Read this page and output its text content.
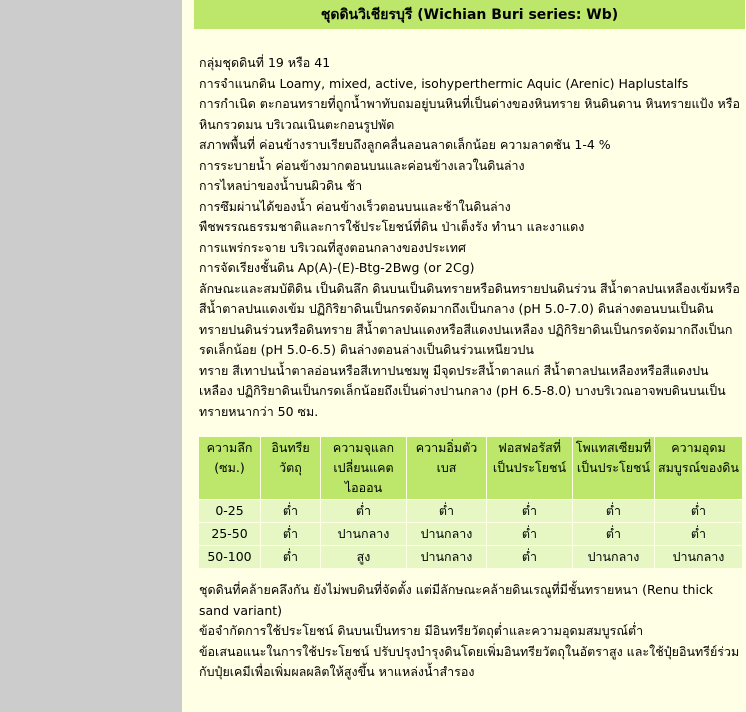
ชุดดินวิเชียรบุรี (Wichian Buri series: Wb)

กลุ่มชุดดินที่ 19 หรือ 41

การจำแนกดิน Loamy, mixed, active, isohyperthermic Aquic (Arenic) Haplustalfs

การกำเนิด ตะกอนทรายที่ถูกน้ำพาทับถมอยู่บนหินที่เป็นด่างของหินทราย หินดินดาน หินทรายแป้ง หรือหินกรวดมน บริเวณเนินตะกอนรูปพัด

สภาพพื้นที่ ค่อนข้างราบเรียบถึงลูกคลื่นลอนลาดเล็กน้อย ความลาดชัน 1-4 %

การระบายน้ำ ค่อนข้างมากตอนบนและค่อนข้างเลวในดินล่าง

การไหลบ่าของน้ำบนผิวดิน ช้า

การซึมผ่านได้ของน้ำ ค่อนข้างเร็วตอนบนและช้าในดินล่าง

พืชพรรณธรรมชาติและการใช้ประโยชน์ที่ดิน ป่าเต็งรัง ทำนา และงาแดง

การแพร่กระจาย บริเวณที่สูงตอนกลางของประเทศ

การจัดเรียงชั้นดิน Ap(A)-(E)-Btg-2Bwg (or 2Cg)

ลักษณะและสมบัติดิน เป็นดินลึก ดินบนเป็นดินทรายหรือดินทรายปนดินร่วน สีน้ำตาลปนเหลืองเข้มหรือสีน้ำตาลปนแดงเข้ม ปฏิกิริยาดินเป็นกรดจัดมากถึงเป็นกลาง (pH 5.0-7.0) ดินล่างตอนบนเป็นดินทรายปนดินร่วนหรือดินทราย สีน้ำตาลปนแดงหรือสีแดงปนเหลือง ปฏิกิริยาดินเป็นกรดจัดมากถึงเป็นกรดเล็กน้อย (pH 5.0-6.5) ดินล่างตอนล่างเป็นดินร่วนเหนียวปน

ทราย สีเทาปนน้ำตาลอ่อนหรือสีเทาปนชมพู มีจุดประสีน้ำตาลแก่ สีน้ำตาลปนเหลืองหรือสีแดงปนเหลือง ปฏิกิริยาดินเป็นกรดเล็กน้อยถึงเป็นด่างปานกลาง (pH 6.5-8.0) บางบริเวณอาจพบดินบนเป็นทรายหนากว่า 50 ซม.

ความลึก (ซม.)	อินทรียวัตถุ	ความจุแลกเปลี่ยนแคตไอออน	ความอิ่มตัวเบส	ฟอสฟอรัสที่เป็นประโยชน์	โพแทสเซียมที่เป็นประโยชน์	ความอุดมสมบูรณ์ของดิน
0-25	ต่ำ	ต่ำ	ต่ำ	ต่ำ	ต่ำ	ต่ำ
25-50	ต่ำ	ปานกลาง	ปานกลาง	ต่ำ	ต่ำ	ต่ำ
50-100	ต่ำ	สูง	ปานกลาง	ต่ำ	ปานกลาง	ปานกลาง

ชุดดินที่คล้ายคลึงกัน ยังไม่พบดินที่จัดตั้ง แต่มีลักษณะคล้ายดินเรณูที่มีชั้นทรายหนา (Renu thick sand variant)

ข้อจำกัดการใช้ประโยชน์ ดินบนเป็นทราย มีอินทรียวัตถุต่ำและความอุดมสมบูรณ์ต่ำ

ข้อเสนอแนะในการใช้ประโยชน์ ปรับปรุงบำรุงดินโดยเพิ่มอินทรียวัตถุในอัตราสูง และใช้ปุ๋ยอินทรีย์ร่วมกับปุ๋ยเคมีเพื่อเพิ่มผลผลิตให้สูงขึ้น หาแหล่งน้ำสำรอง
